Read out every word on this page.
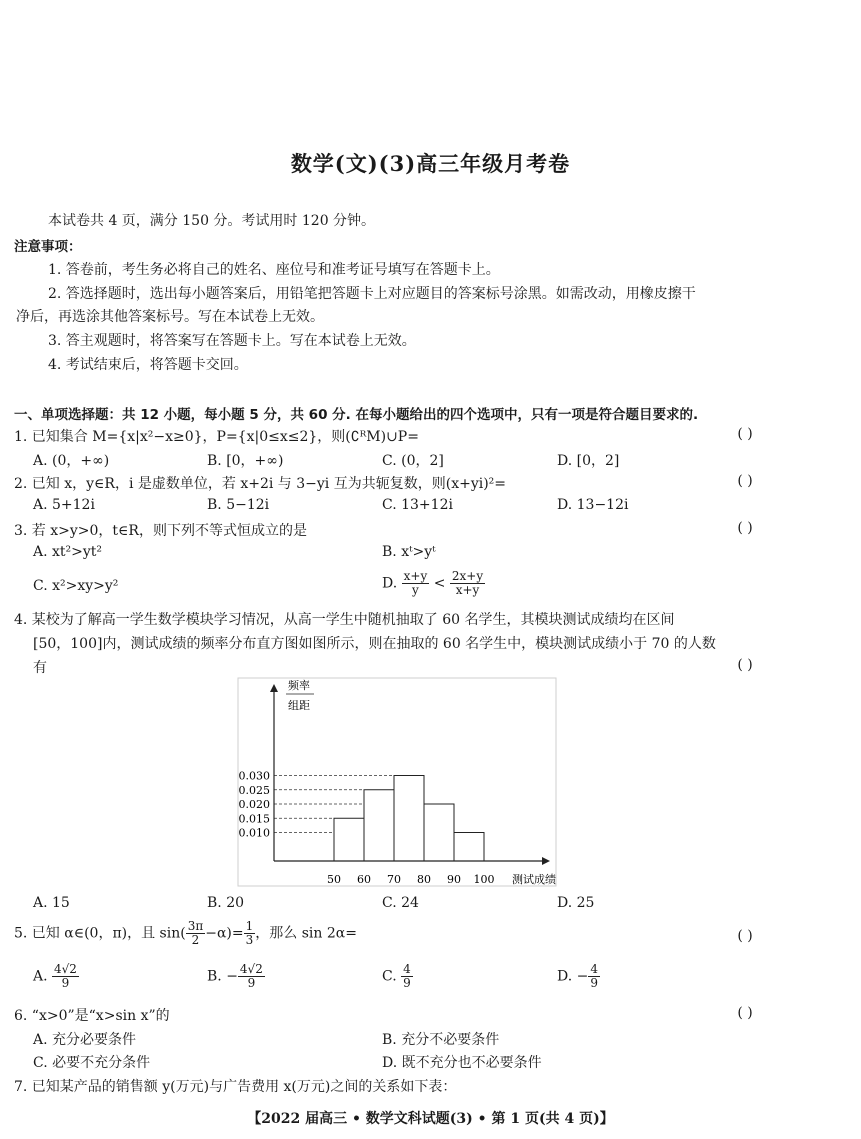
数学(文)(3)高三年级月考卷
本试卷共 4 页，满分 150 分。考试用时 120 分钟。
注意事项：
1. 答卷前，考生务必将自己的姓名、座位号和准考证号填写在答题卡上。
2. 答选择题时，选出每小题答案后，用铅笔把答题卡上对应题目的答案标号涂黑。如需改动，用橡皮擦干
净后，再选涂其他答案标号。写在本试卷上无效。
3. 答主观题时，将答案写在答题卡上。写在本试卷上无效。
4. 考试结束后，将答题卡交回。
一、单项选择题：共 12 小题，每小题 5 分，共 60 分. 在每小题给出的四个选项中，只有一项是符合题目要求的.
1. 已知集合 M={x|x²−x≥0}，P={x|0≤x≤2}，则(∁ᴿM)∪P=	( )
A. (0，+∞)	B. [0，+∞)	C. (0，2]	D. [0，2]
2. 已知 x，y∈R，i 是虚数单位，若 x+2i 与 3−yi 互为共轭复数，则(x+yi)²=	( )
A. 5+12i	B. 5−12i	C. 13+12i	D. 13−12i
3. 若 x>y>0，t∈R，则下列不等式恒成立的是	( )
A. xt²>yt²	B. xᵗ>yᵗ
C. x²>xy>y²	D. $\frac{x+y}{y} < \frac{2x+y}{x+y}$
4. 某校为了解高一学生数学模块学习情况，从高一学生中随机抽取了 60 名学生，其模块测试成绩均在区间
[50，100]内，测试成绩的频率分布直方图如图所示，则在抽取的 60 名学生中，模块测试成绩小于 70 的人数
有	( )
0.030
0.025
0.020
0.015
0.010
50 60 70 80 90 100
频率
组距
测试成绩
A. 15	B. 20	C. 24	D. 25
5. 已知 α∈(0，π)，且 $\sin( \frac{3\pi}{2} -\alpha)= \frac{1}{3}$ ，那么 sin 2α=	( )
A. $\frac{4√2}{9}$	B. − $\frac{4√2}{9}$	C. $\frac{4}{9}$	D. − $\frac{4}{9}$
6. “x>0”是“x>sin x”的	( )
A. 充分必要条件	B. 充分不必要条件
C. 必要不充分条件	D. 既不充分也不必要条件
7. 已知某产品的销售额 y(万元)与广告费用 x(万元)之间的关系如下表：
【2022 届高三 • 数学文科试题(3) • 第 1 页(共 4 页)】
